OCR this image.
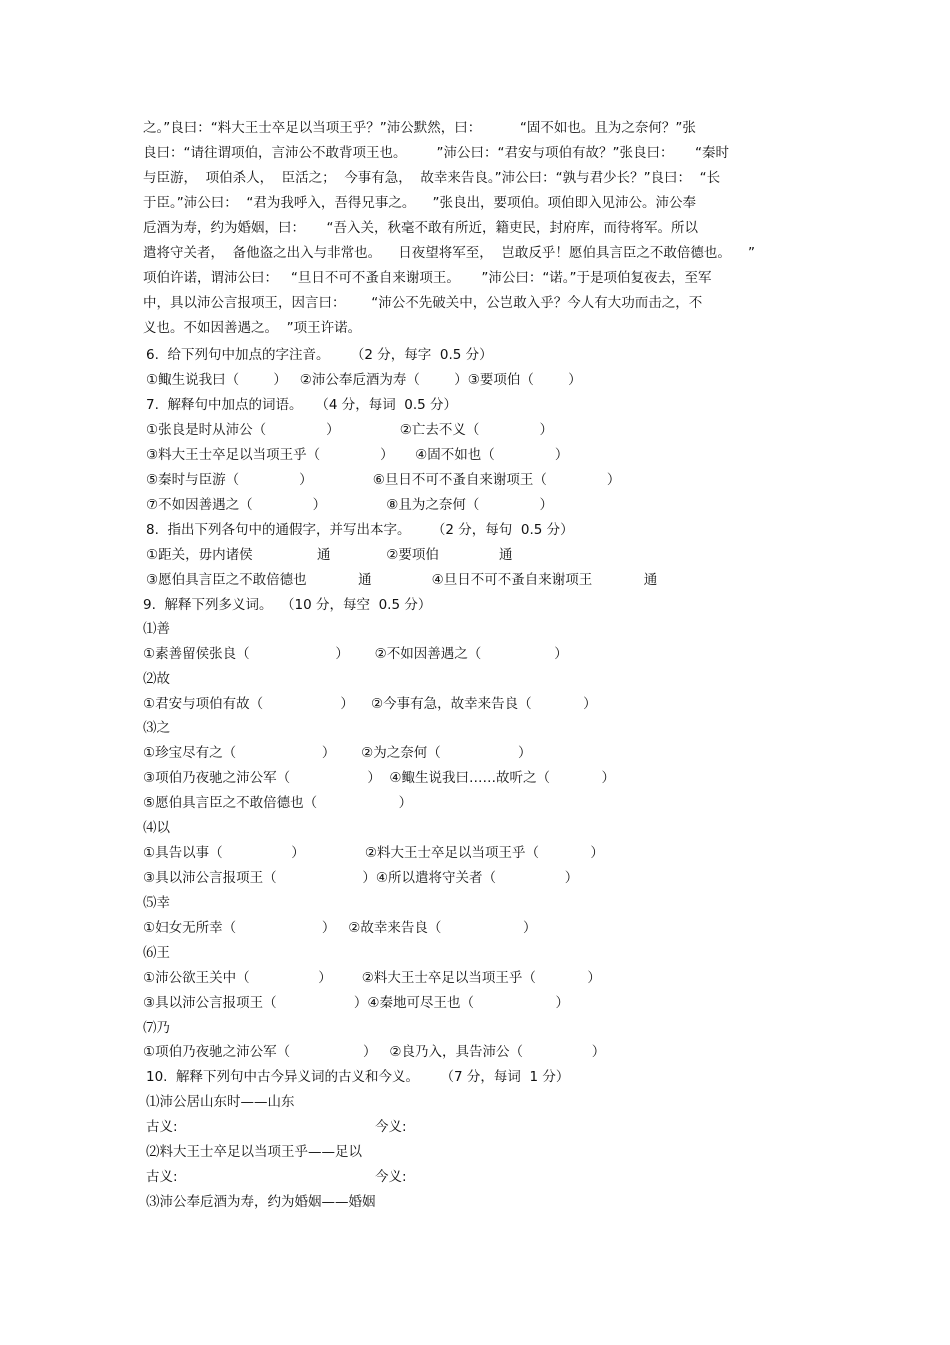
之。”良曰：“料大王士卒足以当项王乎？”沛公默然，曰：         “固不如也。且为之奈何？”张
良曰：“请往谓项伯，言沛公不敢背项王也。       ”沛公曰：“君安与项伯有故？”张良曰：     “秦时
与臣游，  项伯杀人，  臣活之；  今事有急，  故幸来告良。”沛公曰：“孰与君少长？”良曰：  “长
于臣。”沛公曰：  “君为我呼入，吾得兄事之。    ”张良出，要项伯。项伯即入见沛公。沛公奉
卮酒为寿，约为婚姻，曰：     “吾入关，秋毫不敢有所近，籍吏民，封府库，而待将军。所以
遣将守关者，  备他盗之出入与非常也。    日夜望将军至，  岂敢反乎！愿伯具言臣之不敢倍德也。    ”
项伯许诺，谓沛公曰：   “旦日不可不蚤自来谢项王。     ”沛公曰：“诺。”于是项伯复夜去，至军
中，具以沛公言报项王，因言曰：      “沛公不先破关中，公岂敢入乎？今人有大功而击之，不
义也。不如因善遇之。  ”项王许诺。
6.  给下列句中加点的字注音。     （2 分，每字  0.5 分）
①鲰生说我曰（        ）   ②沛公奉卮酒为寿（        ）③要项伯（        ）
7.  解释句中加点的词语。   （4 分，每词  0.5 分）
①张良是时从沛公（              ）              ②亡去不义（              ）
③料大王士卒足以当项王乎（              ）     ④固不如也（              ）
⑤秦时与臣游（              ）              ⑥旦日不可不蚤自来谢项王（              ）
⑦不如因善遇之（              ）              ⑧且为之奈何（              ）
8.  指出下列各句中的通假字，并写出本字。     （2 分，每句  0.5 分）
①距关，毋内诸侯               通             ②要项伯              通
③愿伯具言臣之不敢倍德也            通              ④旦日不可不蚤自来谢项王            通
9.  解释下列多义词。  （10 分，每空  0.5 分）
⑴善
①素善留侯张良（                    ）      ②不如因善遇之（                 ）
⑵故
①君安与项伯有故（                  ）    ②今事有急，故幸来告良（            ）
⑶之
①珍宝尽有之（                    ）      ②为之奈何（                  ）
③项伯乃夜驰之沛公军（                  ）  ④鲰生说我曰……故听之（            ）
⑤愿伯具言臣之不敢倍德也（                   ）
⑷以
①具告以事（                ）              ②料大王士卒足以当项王乎（            ）
③具以沛公言报项王（                    ）④所以遣将守关者（                ）
⑸幸
①妇女无所幸（                    ）   ②故幸来告良（                   ）
⑹王
①沛公欲王关中（                ）       ②料大王士卒足以当项王乎（            ）
③具以沛公言报项王（                  ）④秦地可尽王也（                   ）
⑺乃
①项伯乃夜驰之沛公军（                 ）   ②良乃入，具告沛公（                ）
10.  解释下列句中古今异义词的古义和今义。     （7 分，每词  1 分）
⑴沛公居山东时——山东
古义:                                              今义:
⑵料大王士卒足以当项王乎——足以
古义:                                              今义:
⑶沛公奉卮酒为寿，约为婚姻——婚姻
